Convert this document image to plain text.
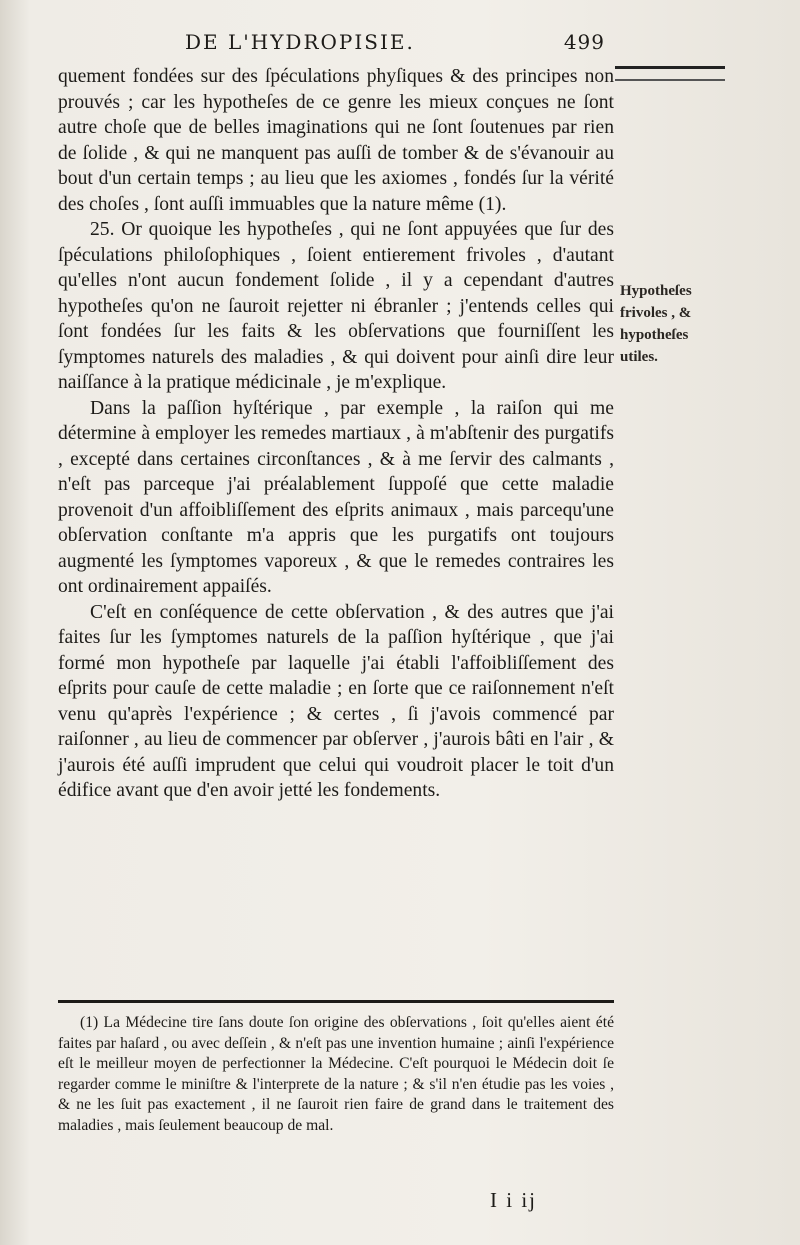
DE L'HYDROPISIE.	499

quement fondées sur des ſpéculations phyſiques & des principes non prouvés ; car les hypotheſes de ce genre les mieux conçues ne ſont autre choſe que de belles imaginations qui ne ſont ſoutenues par rien de ſolide , & qui ne manquent pas auſſi de tomber & de s'évanouir au bout d'un certain temps ; au lieu que les axiomes , fondés ſur la vérité des choſes , ſont auſſi immuables que la nature même (1).

25. Or quoique les hypotheſes , qui ne ſont appuyées que ſur des ſpéculations philoſophiques , ſoient entierement frivoles , d'autant qu'elles n'ont aucun fondement ſolide , il y a cependant d'autres hypotheſes qu'on ne ſauroit rejetter ni ébranler ; j'entends celles qui ſont fondées ſur les faits & les obſervations que fourniſſent les ſymptomes naturels des maladies , & qui doivent pour ainſi dire leur naiſſance à la pratique médicinale , je m'explique.

Dans la paſſion hyſtérique , par exemple , la raiſon qui me détermine à employer les remedes martiaux , à m'abſtenir des purgatifs , excepté dans certaines circonſtances , & à me ſervir des calmants , n'eſt pas parceque j'ai préalablement ſuppoſé que cette maladie provenoit d'un affoibliſſement des eſprits animaux , mais parcequ'une obſervation conſtante m'a appris que les purgatifs ont toujours augmenté les ſymptomes vaporeux , & que le remedes contraires les ont ordinairement appaiſés.

C'eſt en conſéquence de cette obſervation , & des autres que j'ai faites ſur les ſymptomes naturels de la paſſion hyſtérique , que j'ai formé mon hypotheſe par laquelle j'ai établi l'affoibliſſement des eſprits pour cauſe de cette maladie ; en ſorte que ce raiſonnement n'eſt venu qu'après l'expérience ; & certes , ſi j'avois commencé par raiſonner , au lieu de commencer par obſerver , j'aurois bâti en l'air , & j'aurois été auſſi imprudent que celui qui voudroit placer le toit d'un édifice avant que d'en avoir jetté les fondements.

Hypotheſes
frivoles , &
hypotheſes
utiles.

(1) La Médecine tire ſans doute ſon origine des obſervations , ſoit qu'elles aient été faites par haſard , ou avec deſſein , & n'eſt pas une invention humaine ; ainſi l'expérience eſt le meilleur moyen de perfectionner la Médecine. C'eſt pourquoi le Médecin doit ſe regarder comme le miniſtre & l'interprete de la nature ; & s'il n'en étudie pas les voies , & ne les ſuit pas exactement , il ne ſauroit rien faire de grand dans le traitement des maladies , mais ſeulement beaucoup de mal.

I i ij
